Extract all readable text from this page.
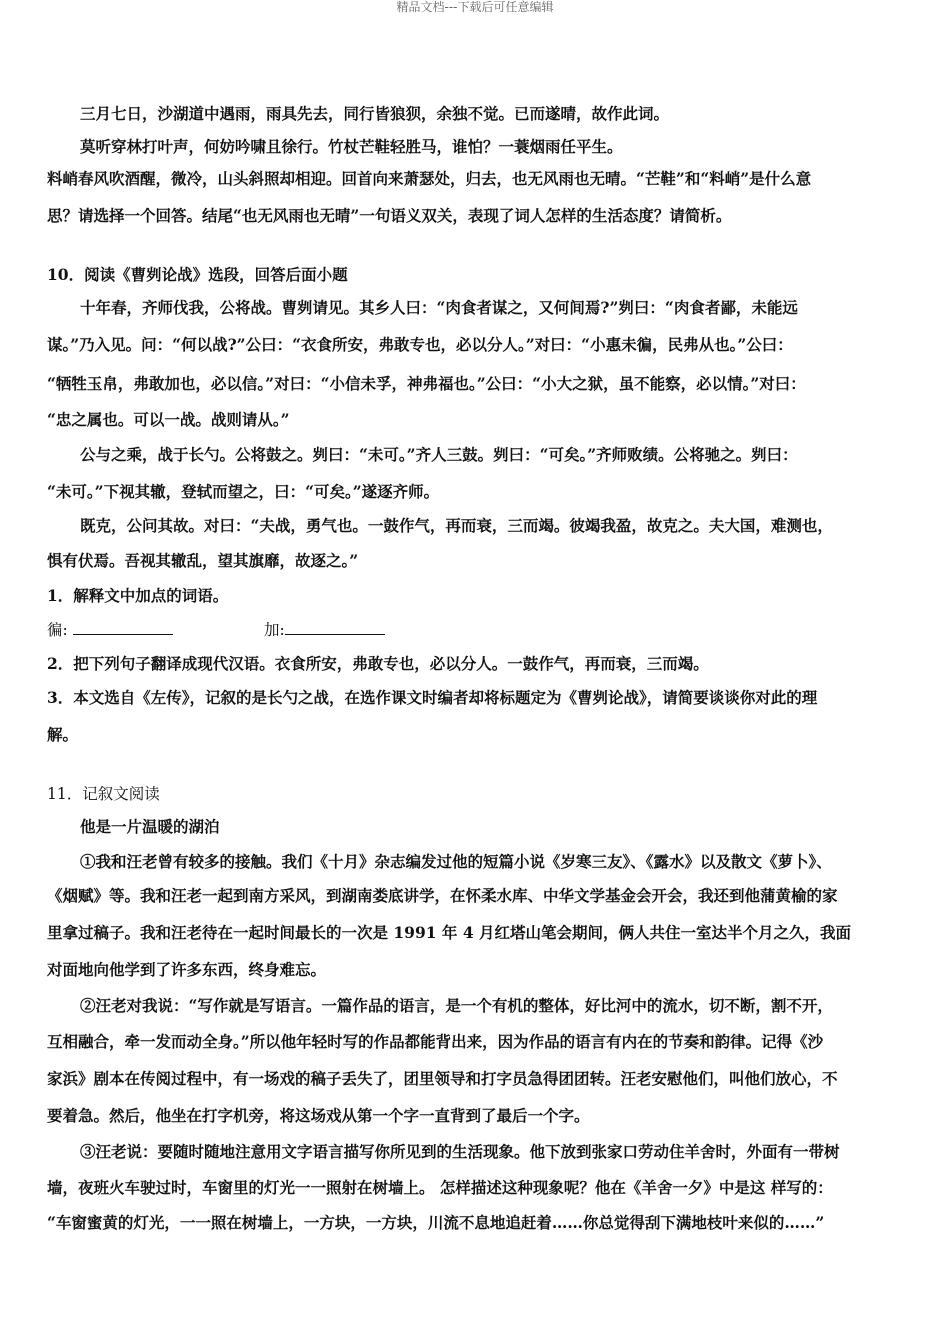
精品文档---下载后可任意编辑
三月七日，沙湖道中遇雨，雨具先去，同行皆狼狈，余独不觉。已而遂晴，故作此词。
莫听穿林打叶声，何妨吟啸且徐行。竹杖芒鞋轻胜马，谁怕？一蓑烟雨任平生。
料峭春风吹酒醒，微冷，山头斜照却相迎。回首向来萧瑟处，归去，也无风雨也无晴。“芒鞋”和“料峭”是什么意
思？请选择一个回答。结尾“也无风雨也无晴”一句语义双关，表现了词人怎样的生活态度？请简析。
10．阅读《曹刿论战》选段，回答后面小题
十年春，齐师伐我，公将战。曹刿请见。其乡人曰：“肉食者谋之，又何间焉?”刿曰：“肉食者鄙，未能远
谋。”乃入见。问：“何以战?”公曰：“衣食所安，弗敢专也，必以分人。”对曰：“小惠未徧，民弗从也。”公曰：
“牺牲玉帛，弗敢加也，必以信。”对曰：“小信未孚，神弗福也。”公曰：“小大之狱，虽不能察，必以情。”对曰：
“忠之属也。可以一战。战则请从。”
公与之乘，战于长勺。公将鼓之。刿曰：“未可。”齐人三鼓。刿曰：“可矣。”齐师败绩。公将驰之。刿曰：
“未可。”下视其辙，登轼而望之，曰：“可矣。”遂逐齐师。
既克，公问其故。对曰：“夫战，勇气也。一鼓作气，再而衰，三而竭。彼竭我盈，故克之。夫大国，难测也，
惧有伏焉。吾视其辙乱，望其旗靡，故逐之。”
1．解释文中加点的词语。
徧:	加:
2．把下列句子翻译成现代汉语。衣食所安，弗敢专也，必以分人。一鼓作气，再而衰，三而竭。
3．本文选自《左传》，记叙的是长勺之战，在选作课文时编者却将标题定为《曹刿论战》，请简要谈谈你对此的理
解。
11．记叙文阅读
他是一片温暖的湖泊
①我和汪老曾有较多的接触。我们《十月》杂志编发过他的短篇小说《岁寒三友》、《露水》以及散文《萝卜》、
《烟赋》等。我和汪老一起到南方采风，到湖南娄底讲学，在怀柔水库、中华文学基金会开会，我还到他蒲黄榆的家
里拿过稿子。我和汪老待在一起时间最长的一次是 1991 年 4 月红塔山笔会期间，俩人共住一室达半个月之久，我面
对面地向他学到了许多东西，终身难忘。
②汪老对我说：“写作就是写语言。一篇作品的语言，是一个有机的整体，好比河中的流水，切不断，割不开，
互相融合，牵一发而动全身。”所以他年轻时写的作品都能背出来，因为作品的语言有内在的节奏和韵律。记得《沙
家浜》剧本在传阅过程中，有一场戏的稿子丢失了，团里领导和打字员急得团团转。汪老安慰他们，叫他们放心，不
要着急。然后，他坐在打字机旁，将这场戏从第一个字一直背到了最后一个字。
③汪老说：要随时随地注意用文字语言描写你所见到的生活现象。他下放到张家口劳动住羊舍时，外面有一带树
墙，夜班火车驶过时，车窗里的灯光一一照射在树墙上。 怎样描述这种现象呢？他在《羊舍一夕》中是这 样写的：
“车窗蜜黄的灯光，一一照在树墙上，一方块，一方块，川流不息地追赶着……你总觉得刮下满地枝叶来似的……”
